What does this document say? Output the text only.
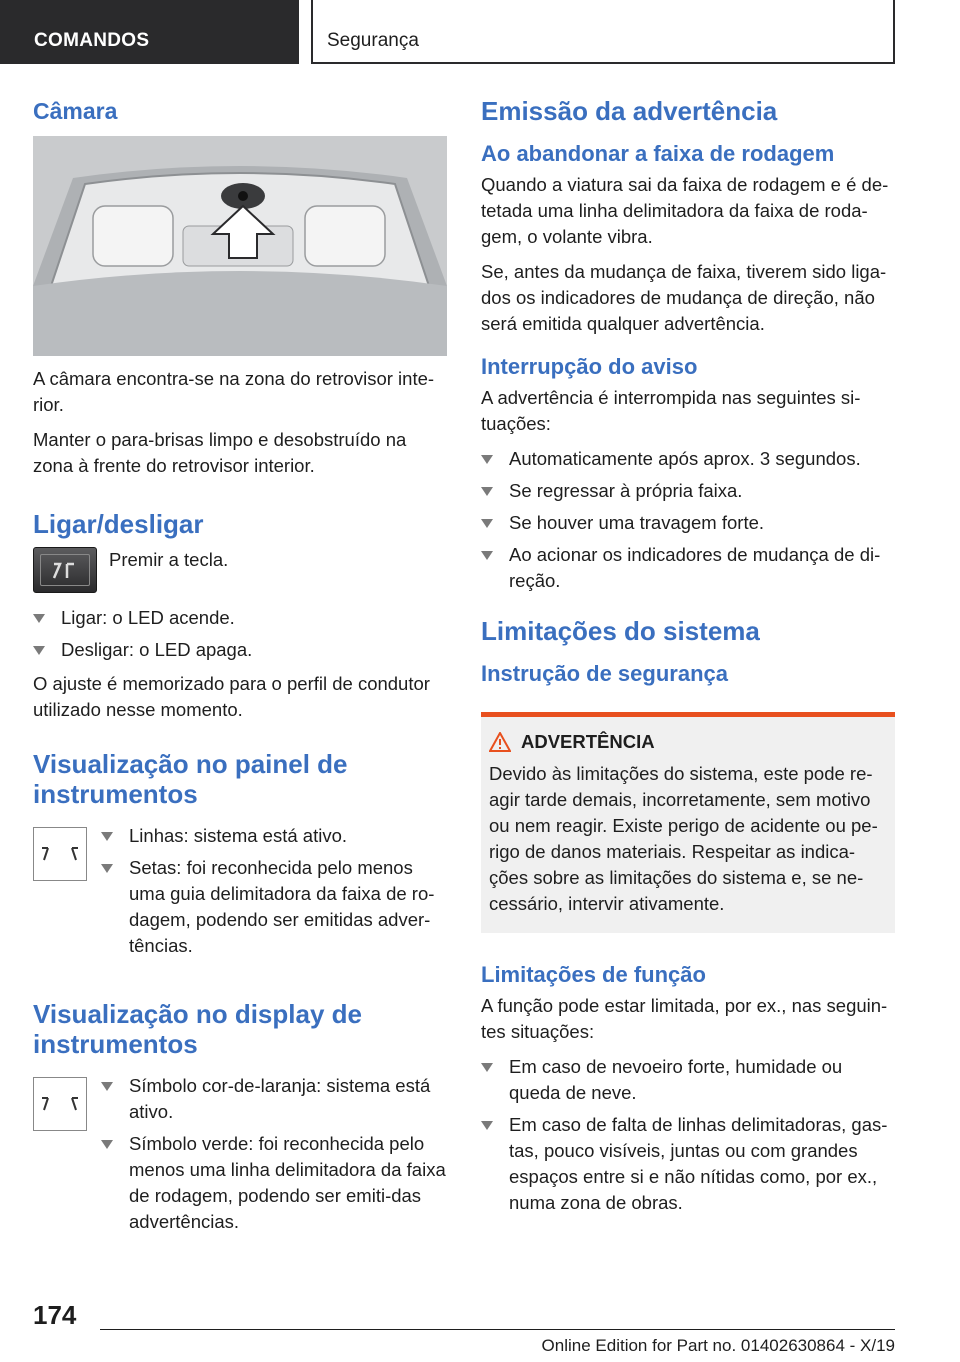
COMANDOS	Segurança
Câmara

A câmara encontra-se na zona do retrovisor inte-rior.

Manter o para-brisas limpo e desobstruído na zona à frente do retrovisor interior.

Ligar/desligar

Premir a tecla.

Ligar: o LED acende.
Desligar: o LED apaga.

O ajuste é memorizado para o perfil de condutor utilizado nesse momento.

Visualização no painel de instrumentos
Linhas: sistema está ativo.
Setas: foi reconhecida pelo menos uma guia delimitadora da faixa de ro-dagem, podendo ser emitidas adver-tências.
Visualização no display de instrumentos
Símbolo cor-de-laranja: sistema está ativo.
Símbolo verde: foi reconhecida pelo menos uma linha delimitadora da faixa de rodagem, podendo ser emiti-das advertências.
Emissão da advertência
Ao abandonar a faixa de rodagem

Quando a viatura sai da faixa de rodagem e é de-tetada uma linha delimitadora da faixa de roda-gem, o volante vibra.

Se, antes da mudança de faixa, tiverem sido liga-dos os indicadores de mudança de direção, não será emitida qualquer advertência.

Interrupção do aviso

A advertência é interrompida nas seguintes si-tuações:

Automaticamente após aprox. 3 segundos.
Se regressar à própria faixa.
Se houver uma travagem forte.
Ao acionar os indicadores de mudança de di-reção.
Limitações do sistema
Instrução de segurança
ADVERTÊNCIA

Devido às limitações do sistema, este pode re-agir tarde demais, incorretamente, sem motivo ou nem reagir. Existe perigo de acidente ou pe-rigo de danos materiais. Respeitar as indica-ções sobre as limitações do sistema e, se ne-cessário, intervir ativamente.

Limitações de função

A função pode estar limitada, por ex., nas seguin-tes situações:

Em caso de nevoeiro forte, humidade ou queda de neve.
Em caso de falta de linhas delimitadoras, gas-tas, pouco visíveis, juntas ou com grandes espaços entre si e não nítidas como, por ex., numa zona de obras.
174
Online Edition for Part no. 01402630864 - X/19
